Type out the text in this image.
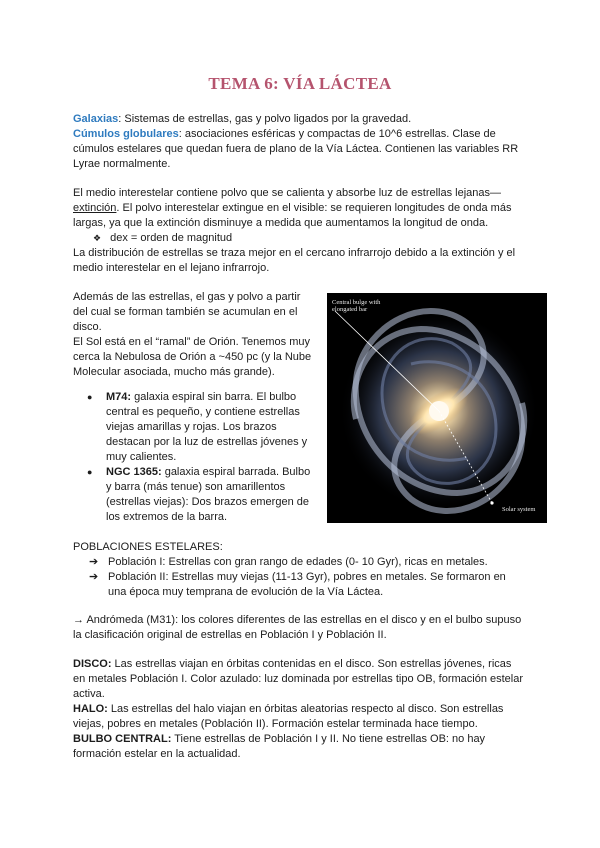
TEMA 6: VÍA LÁCTEA
Galaxias: Sistemas de estrellas, gas y polvo ligados por la gravedad.
Cúmulos globulares: asociaciones esféricas y compactas de 10^6 estrellas. Clase de
cúmulos estelares que quedan fuera de plano de la Vía Láctea. Contienen las variables RR
Lyrae normalmente.
El medio interestelar contiene polvo que se calienta y absorbe luz de estrellas lejanas—
extinción. El polvo interestelar extingue en el visible: se requieren longitudes de onda más
largas, ya que la extinción disminuye a medida que aumentamos la longitud de onda.
❖ dex = orden de magnitud
La distribución de estrellas se traza mejor en el cercano infrarrojo debido a la extinción y el
medio interestelar en el lejano infrarrojo.
Además de las estrellas, el gas y polvo a partir
del cual se forman también se acumulan en el
disco.
El Sol está en el “ramal” de Orión. Tenemos muy
cerca la Nebulosa de Orión a ~450 pc (y la Nube
Molecular asociada, mucho más grande).
● M74: galaxia espiral sin barra. El bulbo
central es pequeño, y contiene estrellas
viejas amarillas y rojas. Los brazos
destacan por la luz de estrellas jóvenes y
muy calientes.
● NGC 1365: galaxia espiral barrada. Bulbo
y barra (más tenue) son amarillentos
(estrellas viejas): Dos brazos emergen de
los extremos de la barra.
Central bulge with elongated bar
Solar system
POBLACIONES ESTELARES:
➔ Población I: Estrellas con gran rango de edades (0- 10 Gyr), ricas en metales.
➔ Población II: Estrellas muy viejas (11-13 Gyr), pobres en metales. Se formaron en
una época muy temprana de evolución de la Vía Láctea.
→ Andrómeda (M31): los colores diferentes de las estrellas en el disco y en el bulbo supuso
la clasificación original de estrellas en Población I y Población II.
DISCO: Las estrellas viajan en órbitas contenidas en el disco. Son estrellas jóvenes, ricas
en metales Población I. Color azulado: luz dominada por estrellas tipo OB, formación estelar
activa.
HALO: Las estrellas del halo viajan en órbitas aleatorias respecto al disco. Son estrellas
viejas, pobres en metales (Población II). Formación estelar terminada hace tiempo.
BULBO CENTRAL: Tiene estrellas de Población I y II. No tiene estrellas OB: no hay
formación estelar en la actualidad.
